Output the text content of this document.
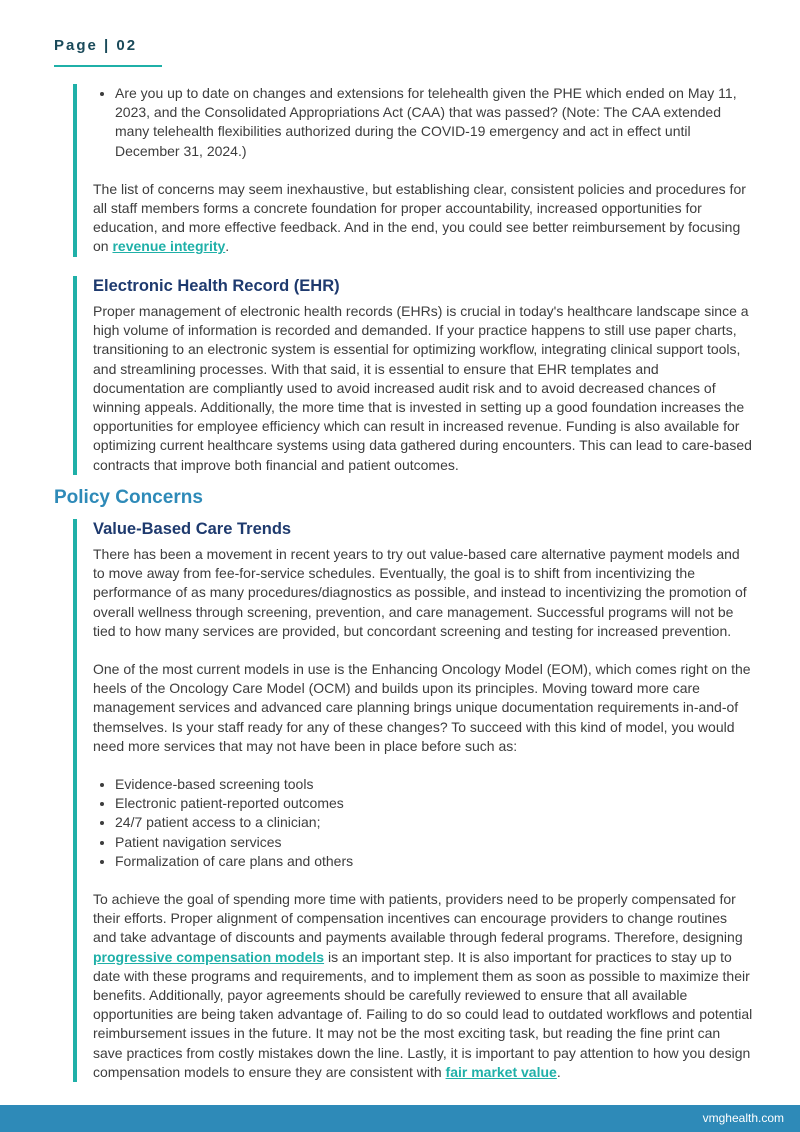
Page | 02
• Are you up to date on changes and extensions for telehealth given the PHE which ended on May 11, 2023, and the Consolidated Appropriations Act (CAA) that was passed? (Note: The CAA extended many telehealth flexibilities authorized during the COVID-19 emergency and act in effect until December 31, 2024.)

The list of concerns may seem inexhaustive, but establishing clear, consistent policies and procedures for all staff members forms a concrete foundation for proper accountability, increased opportunities for education, and more effective feedback. And in the end, you could see better reimbursement by focusing on revenue integrity.

Electronic Health Record (EHR)

Proper management of electronic health records (EHRs) is crucial in today's healthcare landscape since a high volume of information is recorded and demanded. If your practice happens to still use paper charts, transitioning to an electronic system is essential for optimizing workflow, integrating clinical support tools, and streamlining processes. With that said, it is essential to ensure that EHR templates and documentation are compliantly used to avoid increased audit risk and to avoid decreased chances of winning appeals. Additionally, the more time that is invested in setting up a good foundation increases the opportunities for employee efficiency which can result in increased revenue. Funding is also available for optimizing current healthcare systems using data gathered during encounters. This can lead to care-based contracts that improve both financial and patient outcomes.

Policy Concerns
Value-Based Care Trends

There has been a movement in recent years to try out value-based care alternative payment models and to move away from fee-for-service schedules. Eventually, the goal is to shift from incentivizing the performance of as many procedures/diagnostics as possible, and instead to incentivizing the promotion of overall wellness through screening, prevention, and care management. Successful programs will not be tied to how many services are provided, but concordant screening and testing for increased prevention.

One of the most current models in use is the Enhancing Oncology Model (EOM), which comes right on the heels of the Oncology Care Model (OCM) and builds upon its principles. Moving toward more care management services and advanced care planning brings unique documentation requirements in-and-of themselves. Is your staff ready for any of these changes? To succeed with this kind of model, you would need more services that may not have been in place before such as:

• Evidence-based screening tools
• Electronic patient-reported outcomes
• 24/7 patient access to a clinician;
• Patient navigation services
• Formalization of care plans and others

To achieve the goal of spending more time with patients, providers need to be properly compensated for their efforts. Proper alignment of compensation incentives can encourage providers to change routines and take advantage of discounts and payments available through federal programs. Therefore, designing progressive compensation models is an important step. It is also important for practices to stay up to date with these programs and requirements, and to implement them as soon as possible to maximize their benefits. Additionally, payor agreements should be carefully reviewed to ensure that all available opportunities are being taken advantage of. Failing to do so could lead to outdated workflows and potential reimbursement issues in the future. It may not be the most exciting task, but reading the fine print can save practices from costly mistakes down the line. Lastly, it is important to pay attention to how you design compensation models to ensure they are consistent with fair market value.

vmghealth.com
